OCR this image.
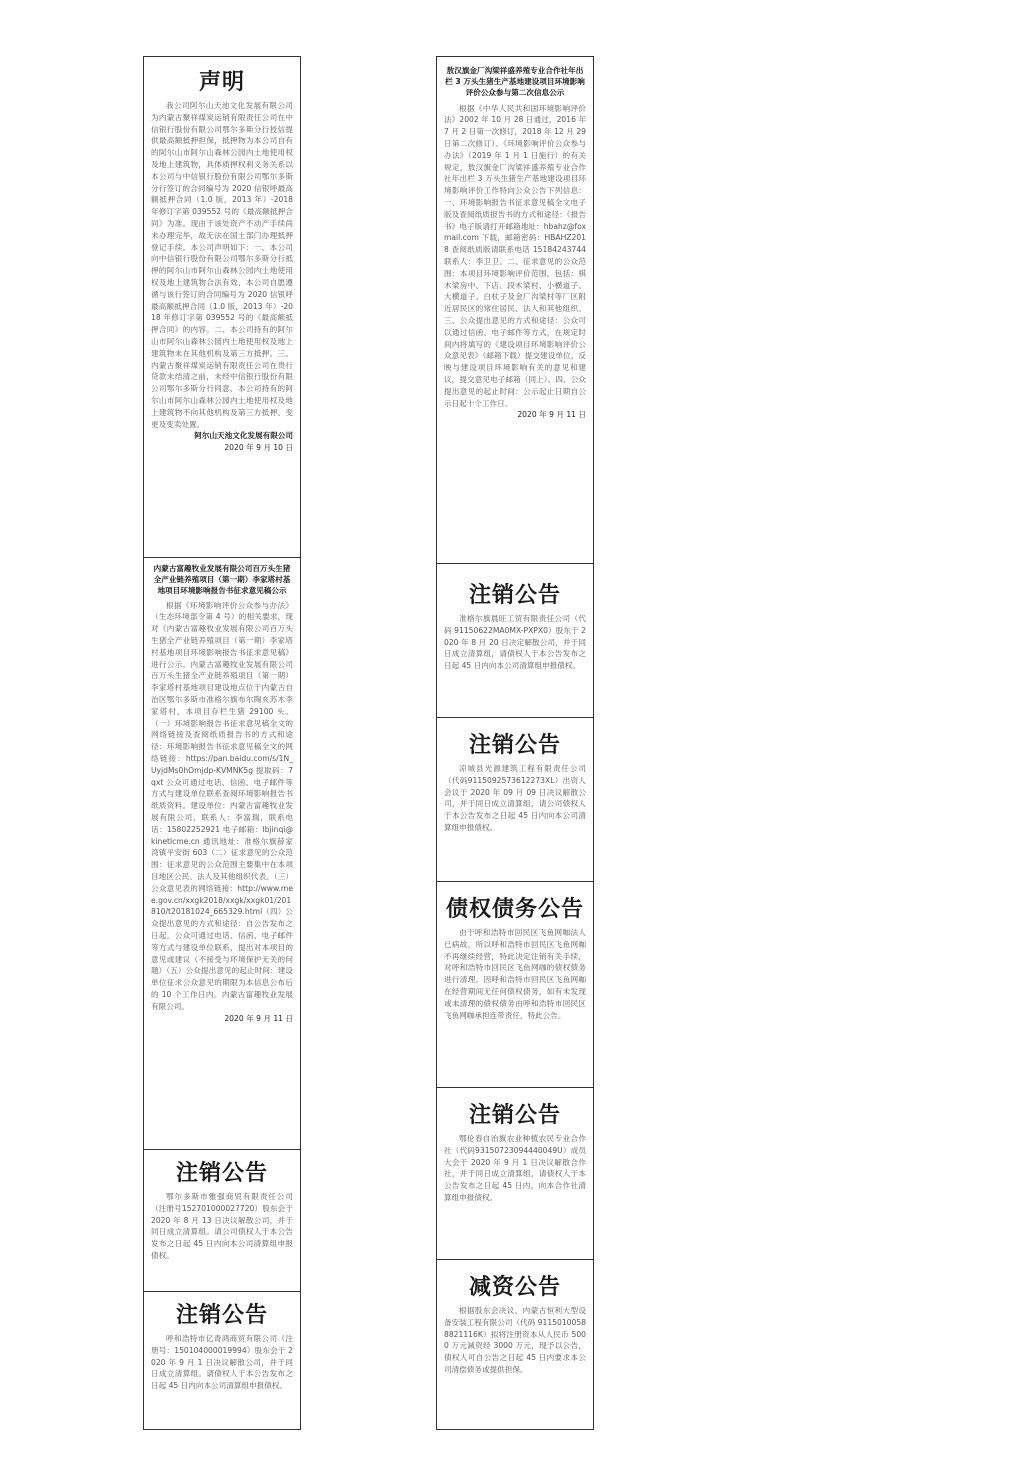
声明

我公司阿尔山天池文化发展有限公司为内蒙古聚祥煤炭运销有限责任公司在中信银行股份有限公司鄂尔多斯分行授信提供最高额抵押担保，抵押物为本公司自有的阿尔山市阿尔山森林公园内土地使用权及地上建筑物，具体质押权利义务关系以本公司与中信银行股份有限公司鄂尔多斯分行签订的合同编号为 2020 信银呼最高额抵押合同（1.0 版，2013 年）-2018 年修订字第 039552 号的《最高额抵押合同》为准。现由于该处资产不动产手续尚未办理完毕，故无法在国土部门办理抵押登记手续。本公司声明如下：一、本公司向中信银行股份有限公司鄂尔多斯分行抵押的阿尔山市阿尔山森林公园内土地使用权及地上建筑物合法有效，本公司自愿遵循与该行签订的合同编号为 2020 信银呼最高额抵押合同（1.0 版，2013 年）-2018 年修订字第 039552 号的《最高额抵押合同》的内容。二、本公司持有的阿尔山市阿尔山森林公园内土地使用权及地上建筑物未在其他机构及第三方抵押。三、内蒙古聚祥煤炭运销有限责任公司在贵行贷款未结清之前，未经中信银行股份有限公司鄂尔多斯分行同意，本公司持有的阿尔山市阿尔山森林公园内土地使用权及地上建筑物不向其他机构及第三方抵押、变更及变卖处置。

阿尔山天池文化发展有限公司

2020 年 9 月 10 日

内蒙古富趣牧业发展有限公司百万头生猪全产业链养殖项目（第一期）李家塔村基地项目环境影响报告书征求意见稿公示

根据《环境影响评价公众参与办法》（生态环境部令第 4 号）的相关要求，现对《内蒙古富趣牧业发展有限公司百万头生猪全产业链养殖项目（第一期）李家塔村基地项目环境影响报告书征求意见稿》进行公示。内蒙古富趣牧业发展有限公司百万头生猪全产业链养殖项目（第一期）李家塔村基地项目建设地点位于内蒙古自治区鄂尔多斯市准格尔旗布尔陶亥苏木李家塔村，本项目存栏生猪 29100 头。（一）环境影响报告书征求意见稿全文的网络链接及查阅纸质报告书的方式和途径：环境影响报告书征求意见稿全文的网络链接：https://pan.baidu.com/s/1N_UyjdMs0hOmjdp-KVMNK5g 提取码：7qxt 公众可通过电话、信函、电子邮件等方式与建设单位联系查阅环境影响报告书纸质资料。建设单位：内蒙古富趣牧业发展有限公司，联系人：李富瑞，联系电话：15802252921 电子邮箱：lbjinqi@kinetlcme.cn 通讯地址：准格尔旗薛家湾镇平安街 603（二）征求意见的公众范围：征求意见的公众范围主要集中在本项目地区公民、法人及其他组织代表。（三）公众意见表的网络链接：http://www.mee.gov.cn/xxgk2018/xxgk/xxgk01/201810/t20181024_665329.html（四）公众提出意见的方式和途径：自公告发布之日起，公众可通过电话、信函、电子邮件等方式与建设单位联系，提出对本项目的意见或建议（不接受与环境保护无关的问题）（五）公众提出意见的起止时间：建设单位征求公众意见的期限为本信息公布后的 10 个工作日内。内蒙古富趣牧业发展有限公司。

2020 年 9 月 11 日

注销公告

鄂尔多斯市雅强商贸有限责任公司（注册号152701000027720）股东会于 2020 年 8 月 13 日决议解散公司，并于同日成立清算组。请公司债权人于本公告发布之日起 45 日内向本公司清算组申报债权。

注销公告

呼和浩特市亿青鸿商贸有限公司（注册号：150104000019994）股东会于 2020 年 9 月 1 日决议解散公司，并于同日成立清算组。请债权人于本公告发布之日起 45 日内向本公司清算组申报债权。

敖汉旗金厂沟梁祥盛养殖专业合作社年出栏 3 万头生猪生产基地建设项目环境影响评价公众参与第二次信息公示

根据《中华人民共和国环境影响评价法》2002 年 10 月 28 日通过，2016 年 7 月 2 日第一次修订，2018 年 12 月 29 日第二次修订）、《环境影响评价公众参与办法》（2019 年 1 月 1 日施行）的有关规定，敖汉旗金厂沟梁祥盛养殖专业合作社年出栏 3 万头生猪生产基地建设项目环境影响评价工作特向公众公告下列信息：一、环境影响报告书征求意见稿全文电子版及查阅纸质报告书的方式和途径：《报告书》电子版请打开邮箱地址：hbahz@foxmail.com 下载，邮箱密码：HBAHZ2018 查阅纸质版请联系电话 15184243744 联系人：李卫卫。二、征求意见的公众范围：本项目环境影响评价范围，包括：棋木梁房中、下店、段木梁村、小横道子、大横道子、白杖子及金厂沟梁村等厂区附近居民区的常住居民、法人和其他组织。三、公众提出意见的方式和途径：公众可以通过信函、电子邮件等方式，在规定时间内将填写的《建设项目环境影响评价公众意见表》（邮箱下载）提交建设单位，反映与建设项目环境影响有关的意见和建议，提交意见电子邮箱（同上）。四、公众提出意见的起止时间：公示起止日期自公示日起十个工作日。

2020 年 9 月 11 日

注销公告

准格尔旗晨旺工贸有限责任公司（代码 91150622MA0MX-PXPX0）股东于 2020 年 8 月 20 日决定解散公司，并于同日成立清算组，请债权人于本公告发布之日起 45 日内向本公司清算组申报债权。

注销公告

凉城县光源建筑工程有限责任公司（代码9115092573612273XL）出资人会议于 2020 年 09 月 09 日决议解散公司，并于同日成立清算组，请公司债权人于本公告发布之日起 45 日内向本公司清算组申报债权。

债权债务公告

由于呼和浩特市回民区飞鱼网咖法人已病故，所以呼和浩特市回民区飞鱼网咖不再继续经营，特此决定注销有关手续，对呼和浩特市回民区飞鱼网咖的债权债务进行清理。因呼和浩特市回民区飞鱼网咖在经营期间无任何债权债务，如有未发现或未清理的债权债务由呼和浩特市回民区飞鱼网咖承担连带责任，特此公告。

注销公告

鄂伦春自治旗农业种植农民专业合作社（代码93150723094440049U）成员大会于 2020 年 9 月 1 日决议解散合作社，并于同日成立清算组，请债权人于本公告发布之日起 45 日内，向本合作社清算组申报债权。

减资公告

根据股东会决议，内蒙古恒利大型设备安装工程有限公司（代码 91150100588821116K）拟将注册资本从人民币 5000 万元减资经 3000 万元，现予以公告，债权人可自公告之日起 45 日内要求本公司清偿债务或提供担保。
